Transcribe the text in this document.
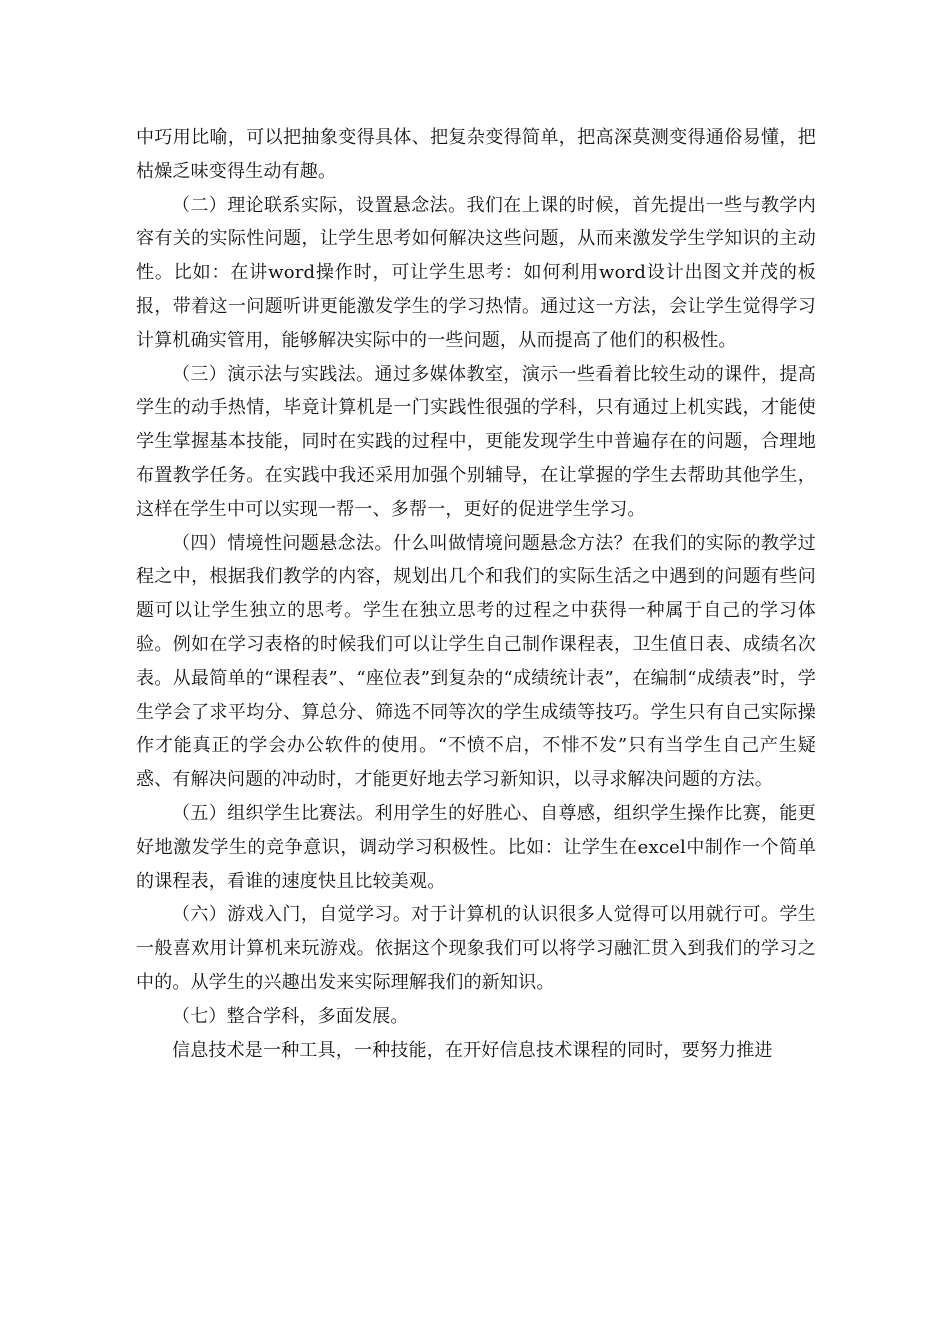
中巧用比喻，可以把抽象变得具体、把复杂变得简单，把高深莫测变得通俗易懂，把枯燥乏味变得生动有趣。

（二）理论联系实际，设置悬念法。我们在上课的时候，首先提出一些与教学内容有关的实际性问题，让学生思考如何解决这些问题，从而来激发学生学知识的主动性。比如：在讲word操作时，可让学生思考：如何利用word设计出图文并茂的板报，带着这一问题听讲更能激发学生的学习热情。通过这一方法，会让学生觉得学习计算机确实管用，能够解决实际中的一些问题，从而提高了他们的积极性。

（三）演示法与实践法。通过多媒体教室，演示一些看着比较生动的课件，提高学生的动手热情，毕竟计算机是一门实践性很强的学科，只有通过上机实践，才能使学生掌握基本技能，同时在实践的过程中，更能发现学生中普遍存在的问题，合理地布置教学任务。在实践中我还采用加强个别辅导，在让掌握的学生去帮助其他学生，这样在学生中可以实现一帮一、多帮一，更好的促进学生学习。

（四）情境性问题悬念法。什么叫做情境问题悬念方法？在我们的实际的教学过程之中，根据我们教学的内容，规划出几个和我们的实际生活之中遇到的问题有些问题可以让学生独立的思考。学生在独立思考的过程之中获得一种属于自己的学习体验。例如在学习表格的时候我们可以让学生自己制作课程表，卫生值日表、成绩名次表。从最简单的“课程表”、“座位表”到复杂的“成绩统计表”，在编制“成绩表”时，学生学会了求平均分、算总分、筛选不同等次的学生成绩等技巧。学生只有自己实际操作才能真正的学会办公软件的使用。“不愤不启，不悱不发”只有当学生自己产生疑惑、有解决问题的冲动时，才能更好地去学习新知识，以寻求解决问题的方法。

（五）组织学生比赛法。利用学生的好胜心、自尊感，组织学生操作比赛，能更好地激发学生的竞争意识，调动学习积极性。比如：让学生在excel中制作一个简单的课程表，看谁的速度快且比较美观。

（六）游戏入门，自觉学习。对于计算机的认识很多人觉得可以用就行可。学生一般喜欢用计算机来玩游戏。依据这个现象我们可以将学习融汇贯入到我们的学习之中的。从学生的兴趣出发来实际理解我们的新知识。

（七）整合学科，多面发展。

信息技术是一种工具，一种技能，在开好信息技术课程的同时，要努力推进
